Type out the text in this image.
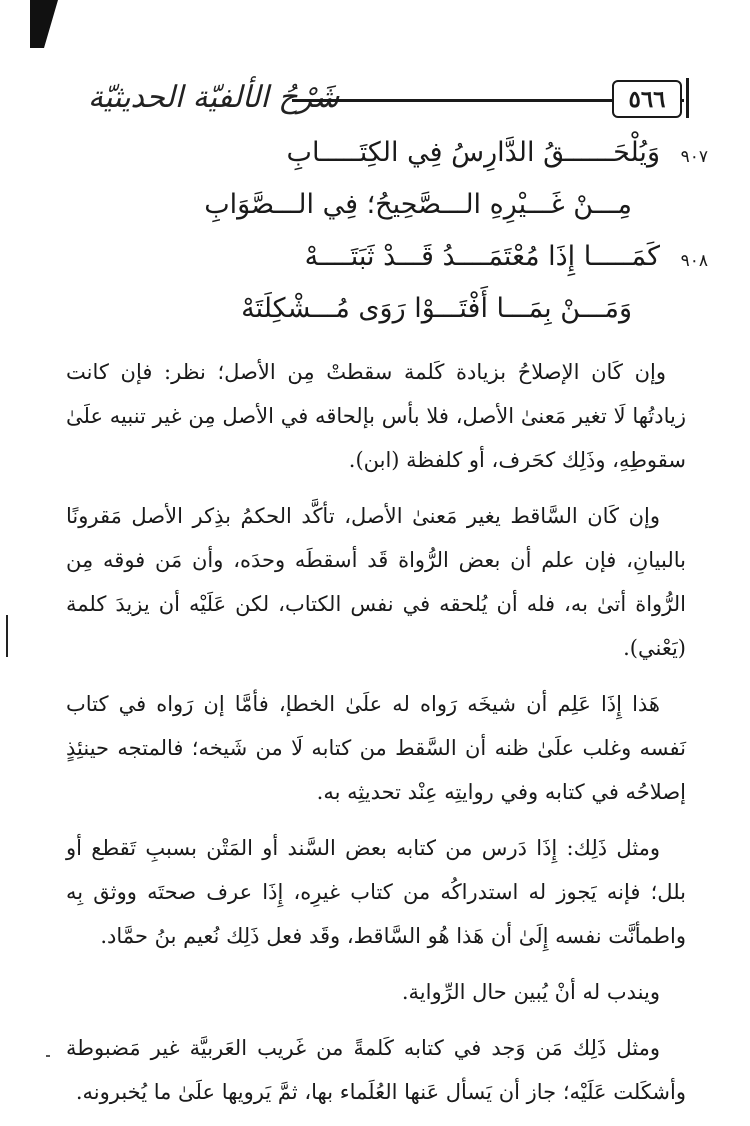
شَرْحُ الألفيّة الحديثيّة	٥٦٦
٩٠٧
وَيُلْحَــــــقُ الدَّارِسُ فِي الكِتَـــــابِ
مِـــنْ غَـــيْرِهِ الـــصَّحِيحُ؛ فِي الـــصَّوَابِ
٩٠٨
كَمَـــــا إِذَا مُعْتَمَــــدُ قَـــدْ ثَبَتَــــهْ
وَمَـــنْ بِمَـــا أَفْتَـــوْا رَوَى مُـــشْكِلَتَهْ

وإن كَان الإصلاحُ بزيادة كَلمة سقطتْ مِن الأصل؛ نظر: فإن كانت زيادتُها لَا تغير مَعنىٰ الأصل، فلا بأس بإلحاقه في الأصل مِن غير تنبيه علَىٰ سقوطِهِ، وذَلِك كحَرف، أو كلفظة (ابن).

وإن كَان السَّاقط يغير مَعنىٰ الأصل، تأكَّد الحكمُ بذِكر الأصل مَقرونًا بالبيانِ، فإن علم أن بعض الرُّواة قَد أسقطَه وحدَه، وأن مَن فوقه مِن الرُّواة أتىٰ به، فله أن يُلحقه في نفس الكتاب، لكن عَلَيْه أن يزيدَ كلمة (يَعْني).

هَذا إِذَا عَلِم أن شيخَه رَواه له علَىٰ الخطإ، فأمَّا إن رَواه في كتاب نَفسه وغلب علَىٰ ظنه أن السَّقط من كتابه لَا من شَيخه؛ فالمتجه حينئِذٍ إصلاحُه في كتابه وفي روايتِه عِنْد تحديثِه به.

ومثل ذَلِك: إِذَا دَرس من كتابه بعض السَّند أو المَتْن بسببِ تَقطع أو بلل؛ فإنه يَجوز له استدراكُه من كتاب غيرِه، إِذَا عرف صحتَه ووثق بِه واطمأنَّت نفسه إِلَىٰ أن هَذا هُو السَّاقط، وقَد فعل ذَلِك نُعيم بنُ حمَّاد.

ويندب له أنْ يُبين حال الرِّواية.

ومثل ذَلِك مَن وَجد في كتابه كَلمةً من غَريب العَربيَّة غير مَضبوطة وأشكَلت عَلَيْه؛ جاز أن يَسأل عَنها العُلَماء بها، ثمَّ يَرويها علَىٰ ما يُخبرونه.
